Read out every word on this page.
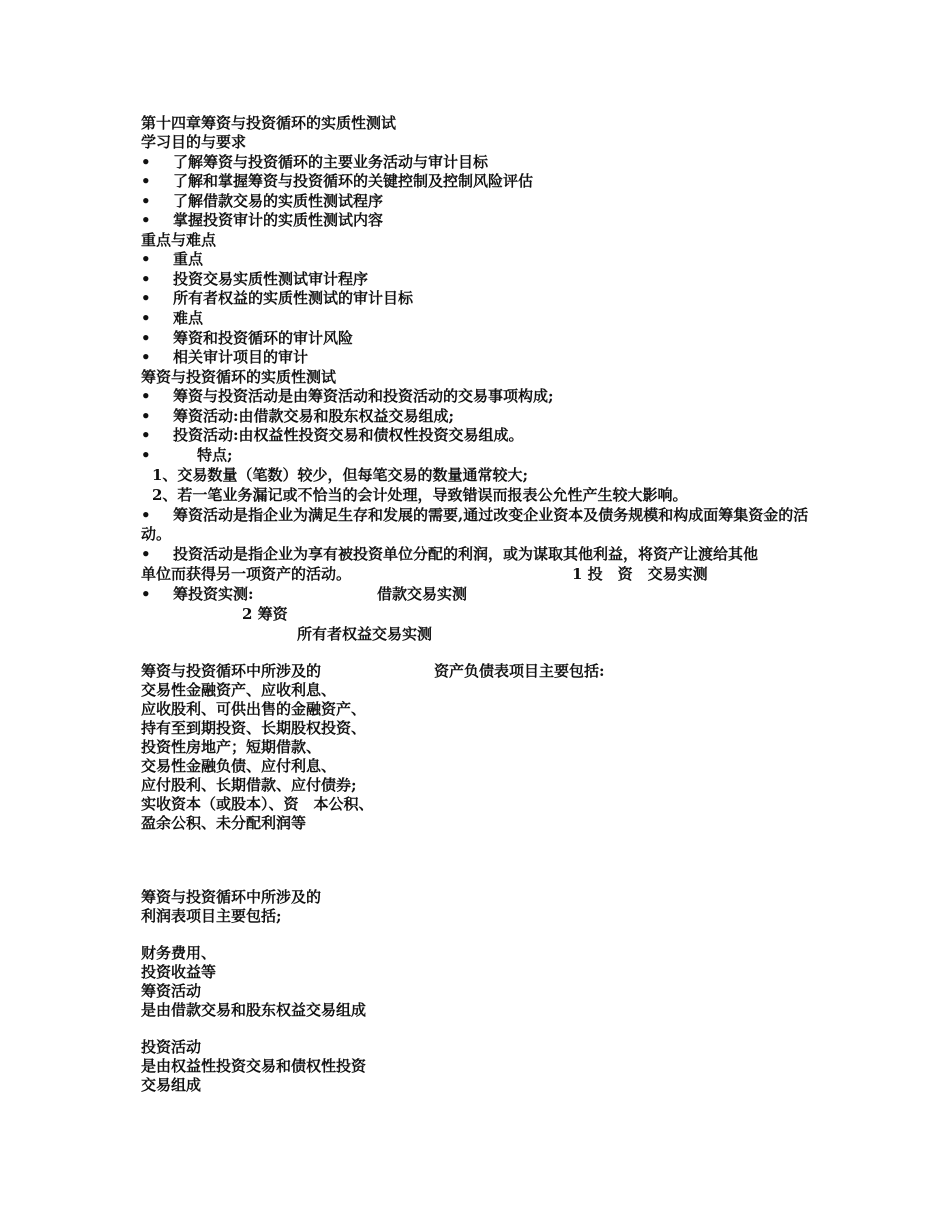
第十四章筹资与投资循环的实质性测试
学习目的与要求
• 了解筹资与投资循环的主要业务活动与审计目标
• 了解和掌握筹资与投资循环的关键控制及控制风险评估
• 了解借款交易的实质性测试程序
• 掌握投资审计的实质性测试内容
重点与难点
• 重点
• 投资交易实质性测试审计程序
• 所有者权益的实质性测试的审计目标
• 难点
• 筹资和投资循环的审计风险
• 相关审计项目的审计
筹资与投资循环的实质性测试
• 筹资与投资活动是由筹资活动和投资活动的交易事项构成;
• 筹资活动:由借款交易和股东权益交易组成;
• 投资活动:由权益性投资交易和债权性投资交易组成。
•	特点;
1、交易数量（笔数）较少，但每笔交易的数量通常较大;
2、若一笔业务漏记或不恰当的会计处理，导致错误而报表公允性产生较大影响。
•	筹资活动是指企业为满足生存和发展的需要,通过改变企业资本及债务规模和构成面筹集资金的活动。
• 投资活动是指企业为享有被投资单位分配的利润，或为谋取其他利益，将资产让渡给其他
单位而获得另一项资产的活动。	1 投　资　交易实测
• 筹投资实测:	借款交易实测
2 筹资
所有者权益交易实测
筹资与投资循环中所涉及的	资产负债表项目主要包括:
交易性金融资产、应收利息、
应收股利、可供出售的金融资产、
持有至到期投资、长期股权投资、
投资性房地产；短期借款、
交易性金融负债、应付利息、
应付股利、长期借款、应付债券;
实收资本（或股本）、资　本公积、
盈余公积、未分配利润等
筹资与投资循环中所涉及的
利润表项目主要包括;
财务费用、
投资收益等
筹资活动
是由借款交易和股东权益交易组成
投资活动
是由权益性投资交易和债权性投资
交易组成
